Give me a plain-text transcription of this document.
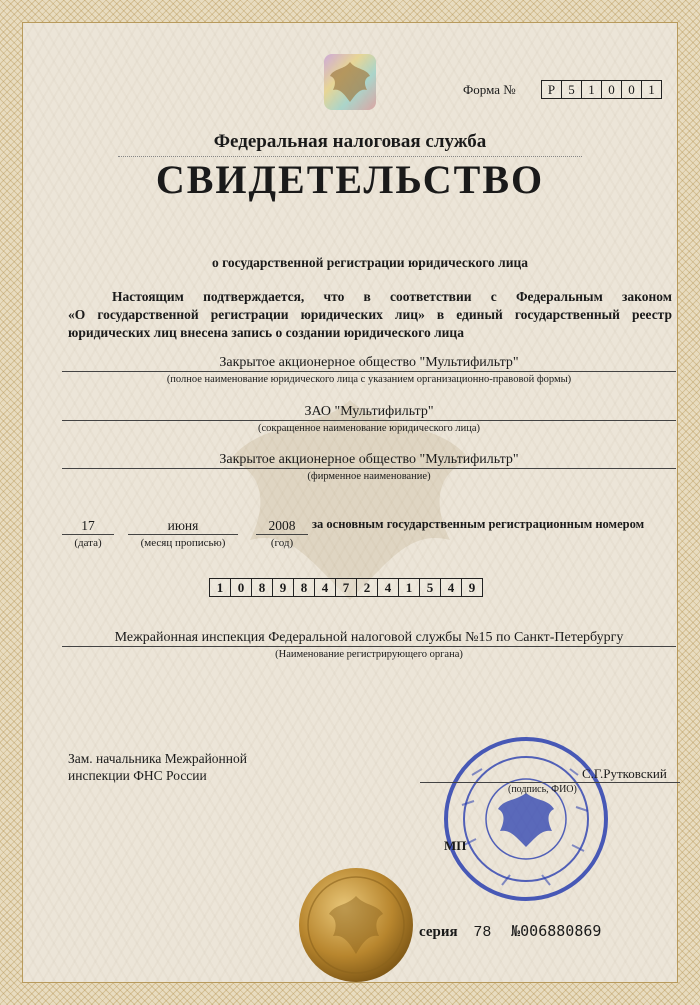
Форма №	Р	5	1	0	0	1
Федеральная налоговая служба
СВИДЕТЕЛЬСТВО
о государственной регистрации юридического лица
Настоящим подтверждается, что в соответствии с Федеральным законом
«О государственной регистрации юридических лиц» в единый государственный реестр
юридических лиц внесена запись о создании юридического лица
Закрытое акционерное общество "Мультифильтр"
(полное наименование юридического лица с указанием организационно-правовой формы)
ЗАО "Мультифильтр"
(сокращенное наименование юридического лица)
Закрытое акционерное общество "Мультифильтр"
(фирменное наименование)
17
(дата)
июня
(месяц прописью)
2008
(год)
за основным государственным регистрационным номером
1	0	8	9	8	4	7	2	4	1	5	4	9
Межрайонная инспекция Федеральной налоговой службы №15 по Санкт-Петербургу
(Наименование регистрирующего органа)
Зам. начальника Межрайонной
инспекции ФНС России	С.Г.Рутковский
(подпись, ФИО)
МП
серия 78 №006880869
